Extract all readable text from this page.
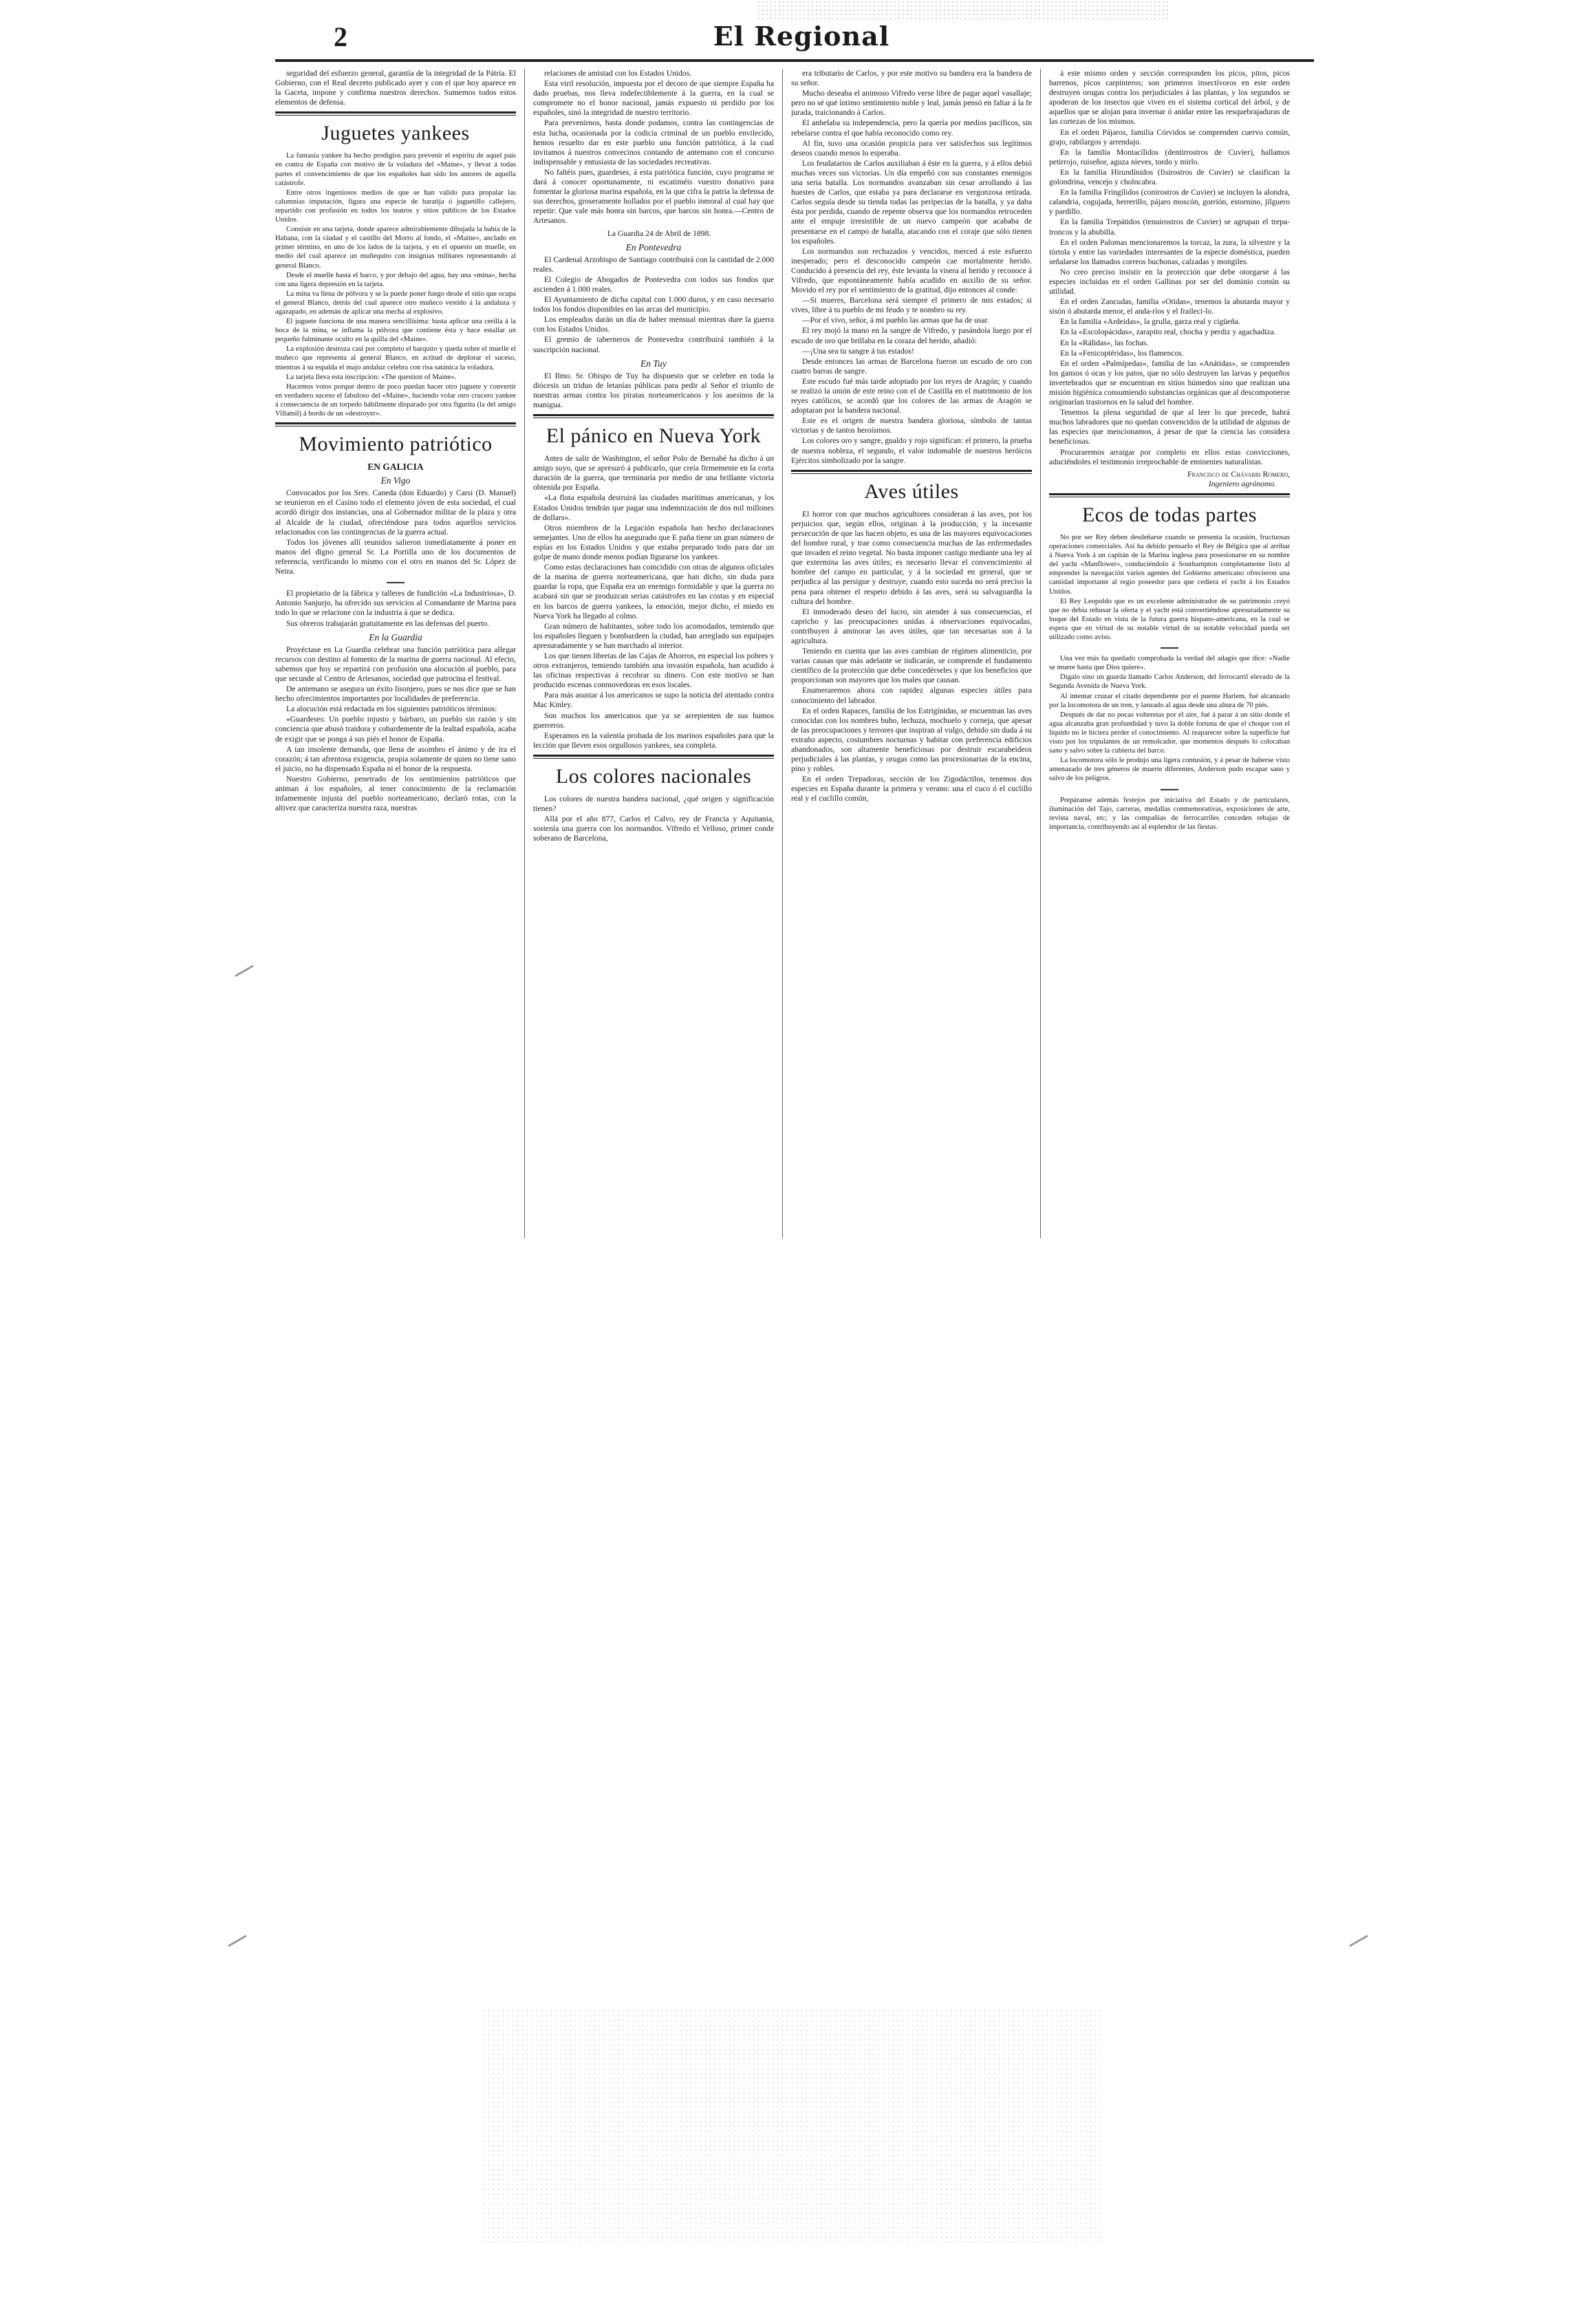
2	El Regional

seguridad del esfuerzo general, garantía de la integridad de la Pátria. El Gobierno, con el Real decreto publicado ayer y con el que hoy aparece en la Gaceta, impone y confirma nuestros derechos. Sumemos todos estos elementos de defensa.

Juguetes yankees

La fantasía yankee ha hecho prodigios para prevenir el espíritu de aquel país en contra de España con motivo de la voladura del «Maine», y llevar á todas partes el convencimiento de que los españoles han sido los autores de aquella catástrofe.

Entre otros ingeniosos medios de que se han valido para propalar las calumnias imputación, figura una especie de baratija ó juguetillo callejero, repartido con profusión en todos los teatros y sitios públicos de los Estados Unidos.

Consiste en una tarjeta, donde aparece admirablemente dibujada la bahía de la Habana, con la ciudad y el castillo del Morro al fondo, el «Maine», anclado en primer término, en uno de los lados de la tarjeta, y en el opuesto un muelle, en medio del cual aparece un muñequito con insignias militares representando al general Blanco.

Desde el muelle hasta el barco, y por debajo del agua, hay una «mina», hecha con una ligera depresión en la tarjeta.

La mina va llena de pólvora y se la puede poner fuego desde el sitio que ocupa el general Blanco, detrás del cual aparece otro muñeco vestido á la andaluza y agazapado, en ademán de aplicar una mecha al explosivo.

El juguete funciona de una manera sencillísima: basta aplicar una cerilla á la boca de la mina, se inflama la pólvora que contiene ésta y hace estallar un pequeño fulminante oculto en la quilla del «Maine».

La explosión destroza casi por completo el barquito y queda sobre el muelle el muñeco que representa al general Blanco, en actitud de deplorar el suceso, mientras á su espalda el majo andaluz celebra con risa satánica la voladura.

La tarjeta lleva esta inscripción: «The question of Maine».

Hacemos votos porque dentro de poco puedan hacer otro juguete y convertir en verdadero suceso el fabuloso del «Maine», haciendo volar otro crucero yankee á consecuencia de un torpedo hábilmente disparado por otra figurita (la del amigo Villamil) á bordo de un «destroyer».

Movimiento patriótico
EN GALICIA
En Vigo

Convocados por los Sres. Caneda (don Eduardo) y Carsi (D. Manuel) se reunieron en el Casino todo el elemento jóven de esta sociedad, el cual acordó dirigir dos instancias, una al Gobernador militar de la plaza y otra al Alcalde de la ciudad, ofreciéndose para todos aquellos servicios relacionados con las contingencias de la guerra actual.

Todos los jóvenes allí reunidos salieron inmediatamente á poner en manos del digno general Sr. La Portilla uno de los documentos de referencia, verificando lo mismo con el otro en manos del Sr. López de Neira.

El propietario de la fábrica y talleres de fundición «La Industriosa», D. Antonio Sanjurjo, ha ofrecido sus servicios al Comandante de Marina para todo lo que se relacione con la industria á que se dedica.

Sus obreros trabajarán gratuitamente en las defensas del puerto.

En la Guardia

Proyéctase en La Guardia celebrar una función patriótica para allegar recursos con destino al fomento de la marina de guerra nacional. Al efecto, sabemos que hoy se repartirá con profusión una alocución al pueblo, para que secunde al Centro de Artesanos, sociedad que patrocina el festival.

De antemano se asegura un éxito lisonjero, pues se nos dice que se han hecho ofrecimientos importantes por localidades de preferencia.

La alocución está redactada en los siguientes patrióticos términos:

«Guardeses: Un pueblo injusto y bárbaro, un pueblo sin razón y sin conciencia que abusó traidora y cobardemente de la lealtad española, acaba de exigir que se ponga á sus piés el honor de España.

A tan insolente demanda, que llena de asombro el ánimo y de ira el corazón; á tan afrentosa exigencia, propia solamente de quien no tiene sano el juicio, no ha dispensado España ni el honor de la respuesta.

Nuestro Gobierno, penetrado de los sentimientos patrióticos que animan á los españoles, al tener conocimiento de la reclamación infamemente injusta del pueblo norteamericano, declaró rotas, con la altivez que caracteriza nuestra raza, nuestras

relaciones de amistad con los Estados Unidos.

Esta viril resolución, impuesta por el decoro de que siempre España ha dado pruebas, nos lleva indefectiblemente á la guerra, en la cual se compromete no el honor nacional, jamás expuesto ni perdido por los españoles, sinó la integridad de nuestro territorio.

Para prevenirnos, hasta donde podamos, contra las contingencias de esta lucha, ocasionada por la codicia criminal de un pueblo envilecido, hemos resuelto dar en este pueblo una función patriótica, á la cual invitamos á nuestros convecinos contando de antemano con el concurso indispensable y entusiasta de las sociedades recreativas.

No faltéis pues, guardeses, á esta patriótica función, cuyo programa se dará á conocer oportunamente, ni escatiméis vuestro donativo para fomentar la gloriosa marina española, en la que cifra la patria la defensa de sus derechos, groseramente hollados por el pueblo inmoral al cual hay que repetir: Que vale más honra sin barcos, que barcos sin honra.—Centro de Artesanos.

La Guardia 24 de Abril de 1898.

En Pontevedra

El Cardenal Arzobispo de Santiago contribuirá con la cantidad de 2.000 reales.

El Colegio de Abogados de Pontevedra con todos sus fondos que ascienden á 1.000 reales.

El Ayuntamiento de dicha capital con 1.000 duros, y en caso necesario todos los fondos disponibles en las arcas del municipio.

Los empleados darán un día de haber mensual mientras dure la guerra con los Estados Unidos.

El gremio de taberneros de Pontevedra contribuirá también á la suscripción nacional.

En Tuy

El Ilmo. Sr. Obispo de Tuy ha dispuesto que se celebre en toda la diócesis un triduo de letanías públicas para pedir al Señor el triunfo de nuestras armas contra los piratas norteamericanos y los asesinos de la manigua.

El pánico en Nueva York

Antes de salir de Washington, el señor Polo de Bernabé ha dicho á un amigo suyo, que se apresuró á publicarlo, que creía firmemente en la corta duración de la guerra, que terminaría por medio de una brillante victoria obtenida por España.

«La flota española destruirá las ciudades marítimas americanas, y los Estados Unidos tendrán que pagar una indemnización de dos mil millones de dollars».

Otros miembros de la Legación española han hecho declaraciones semejantes. Uno de ellos ha asegurado que E paña tiene un gran número de espías en los Estados Unidos y que estaba preparado todo para dar un golpe de mano donde menos podían figurarse los yankees.

Como estas declaraciones han coincidido con otras de algunos oficiales de la marina de guerra norteamericana, que han dicho, sin duda para guardar la ropa, que España era un enemigo formidable y que la guerra no acabará sin que se produzcan serias catástrofes en las costas y en especial en los barcos de guerra yankees, la emoción, mejor dicho, el miedo en Nueva York ha llegado al colmo.

Gran número de habitantes, sobre todo los acomodados, temiendo que los españoles lleguen y bombardeen la ciudad, han arreglado sus equipajes apresuradamente y se han marchado al interior.

Los que tienen libretas de las Cajas de Ahorros, en especial los pobres y otros extranjeros, temiendo también una invasión española, han acudido á las oficinas respectivas á recobrar su dinero. Con este motivo se han producido escenas conmovedoras en esos locales.

Para más asustar á los americanos se supo la noticia del atentado contra Mac Kinley.

Son muchos los americanos que ya se arrepienten de sus humos guerreros.

Esperamos en la valentía probada de los marinos españoles para que la lección que lleven esos orgullosos yankees, sea completa.

Los colores nacionales

Los colores de nuestra bandera nacional, ¿qué origen y significación tienen?

Allá por el año 877, Carlos el Calvo, rey de Francia y Aquitania, sostenía una guerra con los normandos. Vifredo el Velloso, primer conde soberano de Barcelona,

era tributario de Carlos, y por este motivo su bandera era la bandera de su señor.

Mucho deseaba el animoso Vifredo verse libre de pagar aquel vasallaje; pero no sé qué íntimo sentimiento noble y leal, jamás pensó en faltar á la fe jurada, traicionando á Carlos.

El anhelaba su independencia, pero la quería por medios pacíficos, sin rebelarse contra el que había reconocido como rey.

Al fin, tuvo una ocasión propicia para ver satisfechos sus legítimos deseos cuando menos lo esperaba.

Los feudatarios de Carlos auxiliaban á éste en la guerra, y á ellos debió muchas veces sus victorias. Un día empeñó con sus constantes enemigos una seria batalla. Los normandos avanzaban sin cesar arrollando á las huestes de Carlos, que estaba ya para declararse en vergonzosa retirada. Carlos seguía desde su tienda todas las peripecias de la batalla, y ya daba ésta por perdida, cuando de repente observa que los normandos retroceden ante el empuje irresistible de un nuevo campeón que acababa de presentarse en el campo de batalla, atacando con el coraje que sólo tienen los españoles.

Los normandos son rechazados y vencidos, merced á este esfuerzo inesperado; pero el desconocido campeón cae mortalmente herido. Conducido á presencia del rey, éste levanta la visera al herido y reconoce á Vifredo, que espontáneamente había acudido en auxilio de su señor. Movido el rey por el sentimiento de la gratitud, dijo entonces al conde:

—Si mueres, Barcelona será siempre el primero de mis estados; si vives, libre á tu pueblo de mi feudo y te nombro su rey.

—Por el vivo, señor, á mi pueblo las armas que ha de usar.

El rey mojó la mano en la sangre de Vifredo, y pasándola luego por el escudo de oro que brillaba en la coraza del herido, añadió:

—¡Una sea tu sangre á tus estados!

Desde entonces las armas de Barcelona fueron un escudo de oro con cuatro barras de sangre.

Este escudo fué más tarde adoptado por los reyes de Aragón; y cuando se realizó la unión de este reino con el de Castilla en el matrimonio de los reyes católicos, se acordó que los colores de las armas de Aragón se adoptaran por la bandera nacional.

Este es el origen de nuestra bandera gloriosa, símbolo de tantas victorias y de tantos heroísmos.

Los colores oro y sangre, gualdo y rojo significan: el primero, la prueba de nuestra nobleza, el segundo, el valor indomable de nuestros heróicos Ejércitos simbolizado por la sangre.

Aves útiles

El horror con que muchos agricultores consideran á las aves, por los perjuicios que, según ellos, originan á la producción, y la incesante persecución de que las hacen objeto, es una de las mayores equivocaciones del hombre rural, y trae como consecuencia muchas de las enfermedades que invaden el reino vegetal. No basta imponer castigo mediante una ley al que extermina las aves útiles; es necesario llevar el convencimiento al hombre del campo en particular, y á la sociedad en general, que se perjudica al las persigue y destruye; cuando esto suceda no será preciso la pena para obtener el respeto debido á las aves, será su salvaguardia la cultura del hombre.

El inmoderado deseo del lucro, sin atender á sus consecuencias, el capricho y las preocupaciones unidas á observaciones equivocadas, contribuyen á aminorar las aves útiles, que tan necesarias son á la agricultura.

Teniendo en cuenta que las aves cambian de régimen alimenticio, por varias causas que más adelante se indicarán, se comprende el fundamento científico de la protección que debe concedérseles y que los beneficios que proporcionan son mayores que los males que causan.

Enumeraremos ahora con rapidez algunas especies útiles para conocimiento del labrador.

En el orden Rapaces, familia de los Estrigínidas, se encuentran las aves conocidas con los nombres buho, lechuza, mochuelo y corneja, que apesar de las preocupaciones y terrores que inspiran al vulgo, debido sin duda á su extraño aspecto, costumbres nocturnas y habitar con preferencia edificios abandonados, son altamente beneficiosas por destruir escarabeideos perjudiciales á las plantas, y orugas como las procesionarias de la encina, pino y robles.

En el orden Trepadoras, sección de los Zigodáctilos, tenemos dos especies en España durante la primera y verano: una el cuco ó el cuclillo real y el cuclillo común,

á este mismo orden y sección corresponden los picos, pitos, picos barrenos, picos carpinteros; son primeros insectívoros en este orden destruyen orugas contra los perjudiciales á las plantas, y los segundos se apoderan de los insectos que viven en el sistema cortical del árbol, y de aquellos que se alojan para invernar ó anidar entre las resquebrajaduras de las cortezas de los mismos.

En el orden Pájaros, familia Córvidos se comprenden cuervo común, grajo, rabilargos y arrendajo.

En la familia Montacílidos (dentirrostros de Cuvier), hallamos petirrojo, ruiseñor, aguza nieves, tordo y mirlo.

En la familia Hirundínidos (fisirostros de Cuvier) se clasifican la golondrina, vencejo y cholncabra.

En la familia Fringílidos (conirostros de Cuvier) se incluyen la alondra, calandria, cogujada, herrerillo, pájaro moscón, gorrión, estornino, jilguero y pardillo.

En la familia Trepátidos (tenuirostros de Cuvier) se agrupan el trepa-troncos y la abubilla.

En el orden Palomas mencionaremos la torcaz, la zura, la silvestre y la tórtola y entre las variedades interesantes de la especie doméstica, pueden señalarse los llamados correos buchonas, calzadas y mongiles.

No creo preciso insistir en la protección que debe otorgarse á las especies incluidas en el orden Gallinas por ser del dominio común su utilidad.

En el orden Zancudas, familia «Otidas», tenemos la abutarda mayor y sisón ó abutarda menor, el anda-ríos y el fraileci-lo.

En la familia «Ardeidas», la grulla, garza real y cigüeña.

En la «Escolopácidas», zarapito real, chocha y perdiz y agachadiza.

En la «Rálidas», las fochas.

En la «Fenicoptéridas», los flamencos.

En el orden «Palmípedas», familia de las «Anátidas», se comprenden los gansos ó ocas y los patos, que no sólo destruyen las larvas y pequeños invertebrados que se encuentran en sitios húmedos sino que realizan una misión higiénica consumiendo substancias orgánicas que al descomponerse originarían trastornos en la salud del hombre.

Tenemos la plena seguridad de que al leer lo que precede, habrá muchos labradores que no quedan convencidos de la utilidad de algunas de las especies que mencionamos, á pesar de que la ciencia las considera beneficiosas.

Procuraremos arraigar por completo en ellos estas convicciones, aduciéndoles el testimonio irreprochable de eminentes naturalistas.

Francisco de Chávarri Romero,

Ingeniero agrónomo.

Ecos de todas partes

No por ser Rey deben desdeñarse cuando se presenta la ocasión, fructuosas operaciones comerciales. Así ha debido pensarlo el Rey de Bélgica que al arribar á Nueva York á un capitán de la Marina inglesa para posesionarse en su nombre del yacht «Manflower», conduciéndolo á Southampton completamente listo al emprender la navegación varios agentes del Gobierno americano ofrecieron una cantidad importante al regio poseedor para que cediera el yacht á los Estados Unidos.

El Rey Leopoldo que es un excelente administrador de su patrimonio creyó que no debía rehusar la oferta y el yacht está convertiéndose apresuradamente su buque del Estado en vista de la futura guerra hispano-americana, en la cual se espera que en virtud de su notable virtud de su notable velocidad pueda ser utilizado como aviso.

Una vez más ha quedado comprobada la verdad del adagio que dice: «Nadie se muere hasta que Dios quiere».

Dígalo sino un guarda llamado Carlos Anderson, del ferrocarril elevado de la Segunda Avenida de Nueva York.

Al intentar cruzar el citado dependiente por el puente Harlem, fué alcanzado por la locomotora de un tren, y lanzado al agua desde una altura de 70 piés.

Después de dar no pocas volteretas por el aire, fué á parar á un sitio donde el agua alcanzaba gran profundidad y tuvo la doble fortuna de que el choque con el líquido no le hiciera perder el conocimiento. Al reaparecer sobre la superficie fué visto por los tripulantes de un remolcador, que momentos después lo colocaban sano y salvo sobre la cubierta del barco.

La locomotora sólo le produjo una ligera contusión, y á pesar de haberse visto amenazado de tres géneros de muerte diferentes, Anderson pudo escapar sano y salvo de los peligros.

Prepáranse además festejos por iniciativa del Estado y de particulares, iluminación del Tajo, carreras, medallas conmemorativas, exposiciones de arte, revista naval, etc; y las compañías de ferrocarriles conceden rebajas de importancia, contribuyendo así al esplendor de las fiestas.
